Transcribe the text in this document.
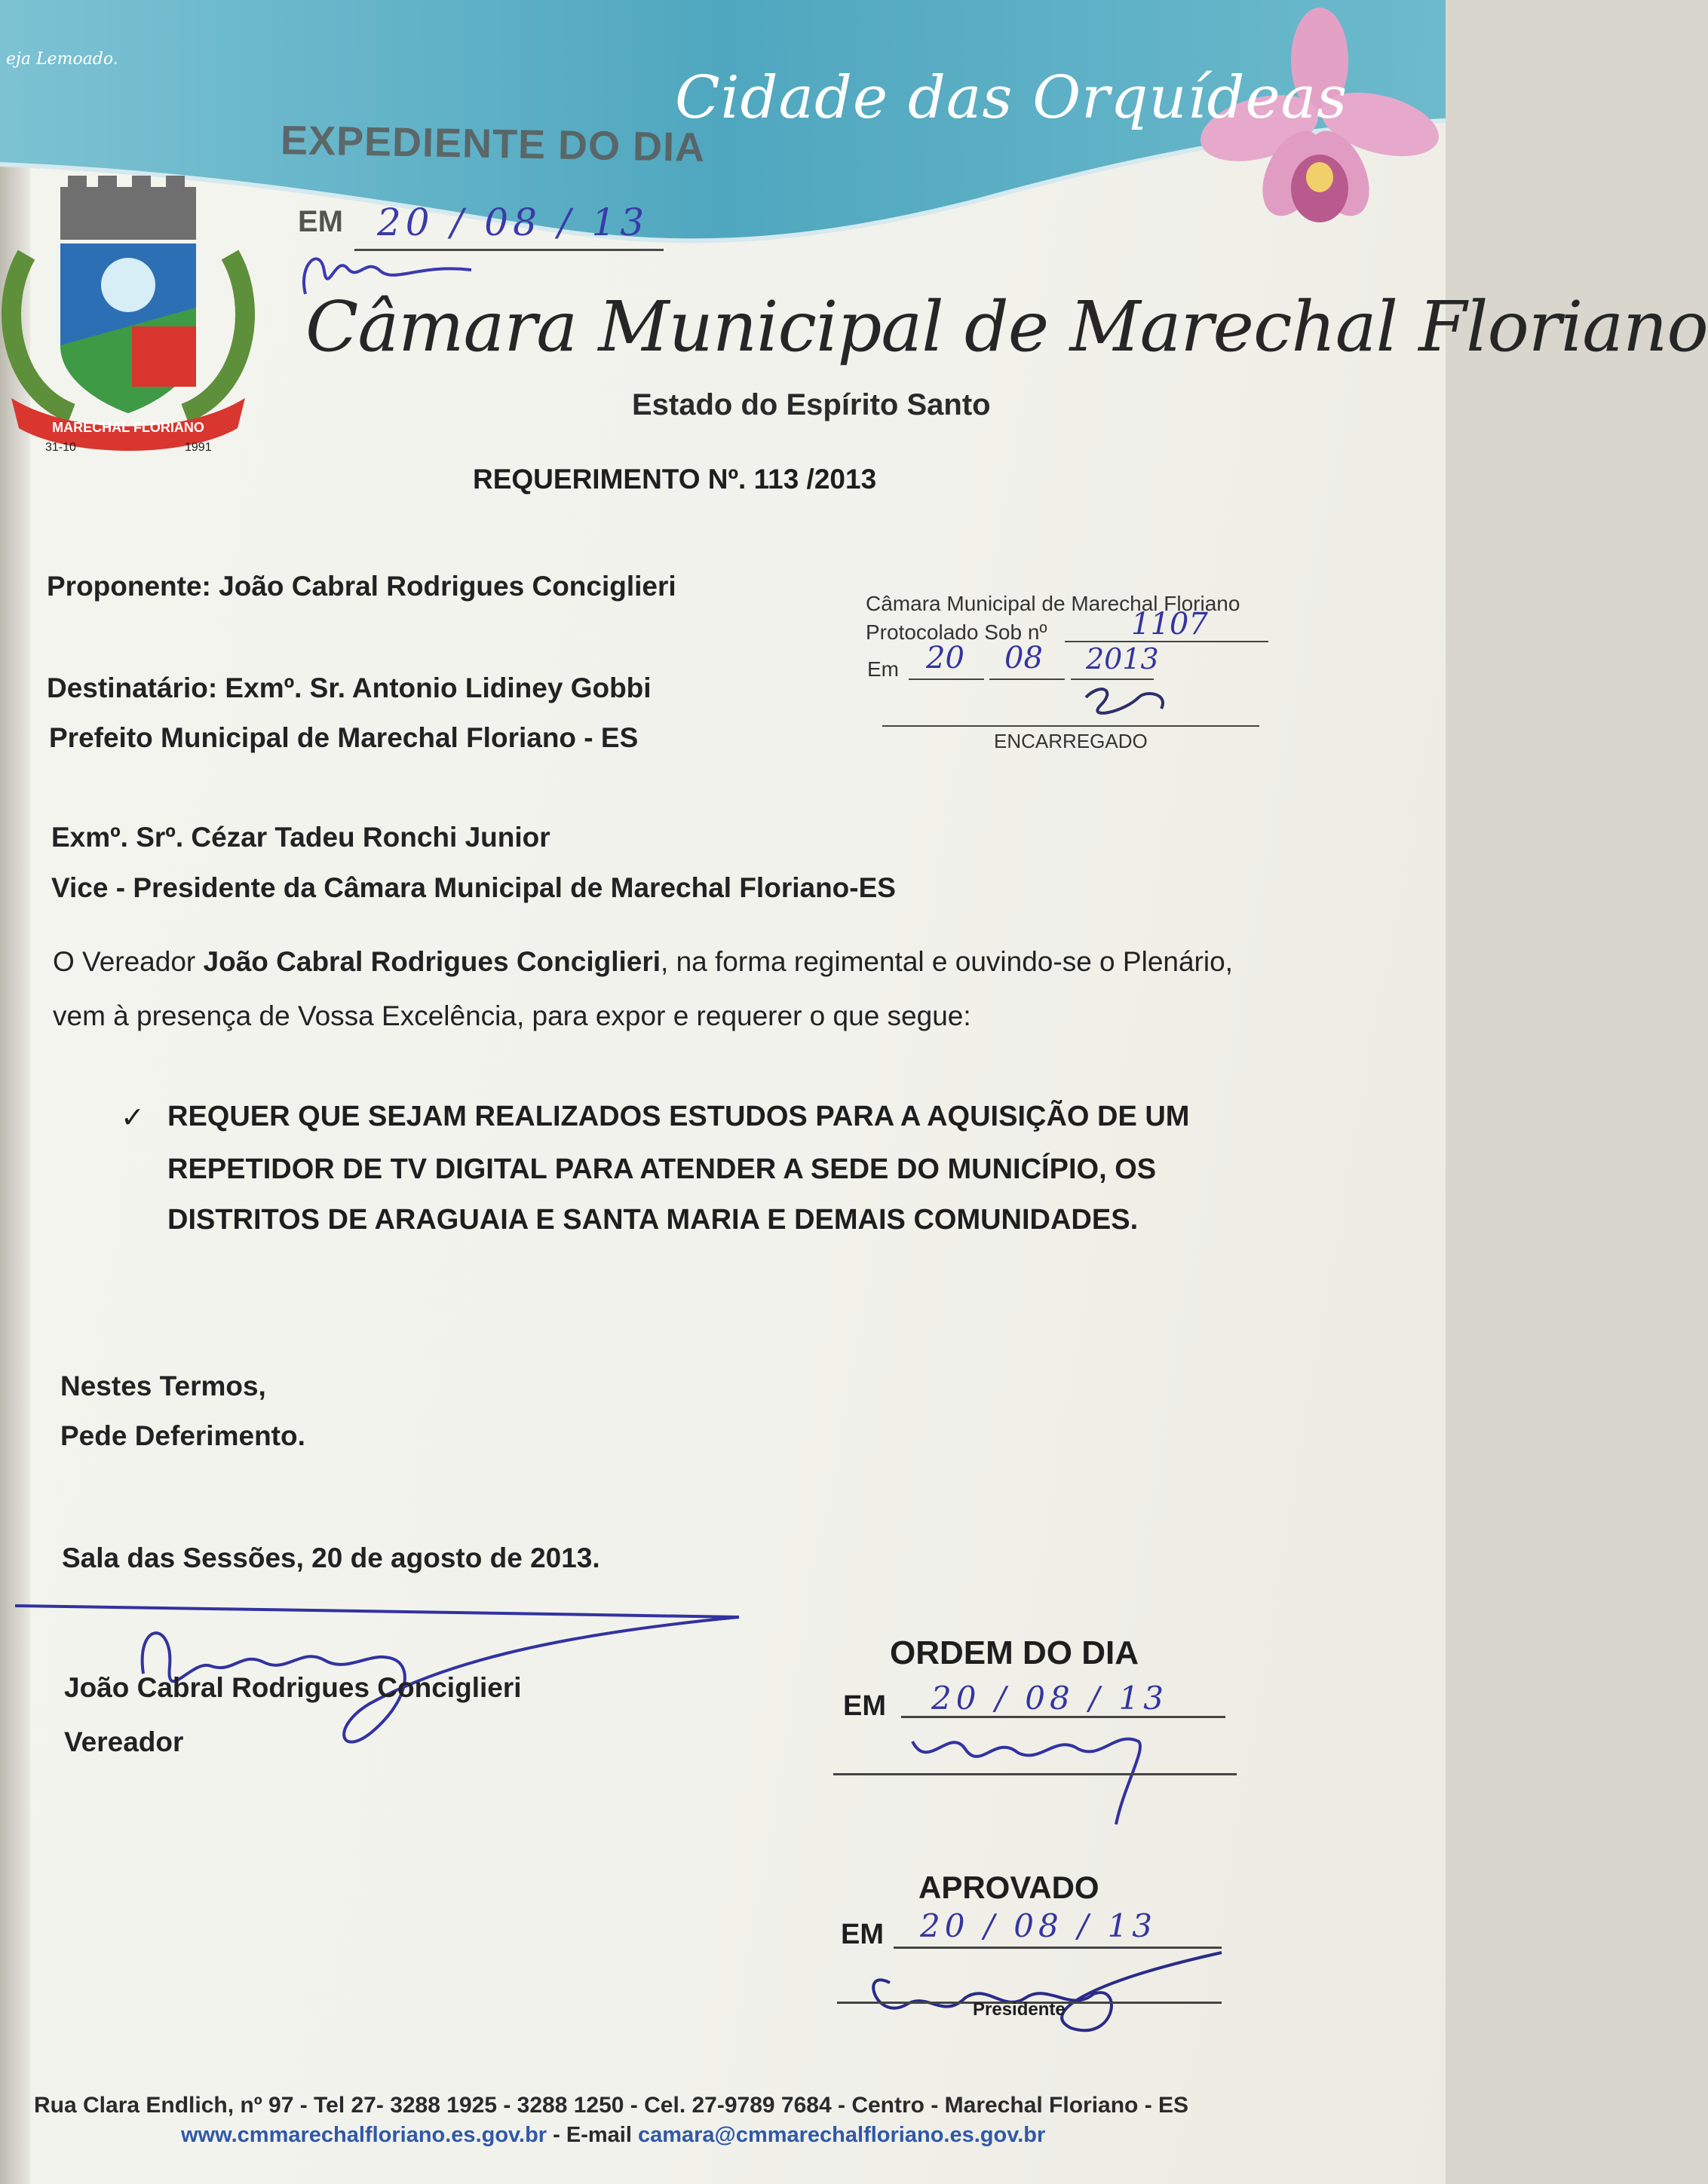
eja Lemoado.
Cidade das Orquídeas
EXPEDIENTE DO DIA
EM 20 / 08 / 13
MARECHAL FLORIANO
31-10	1991
Câmara Municipal de Marechal Floriano
Estado do Espírito Santo
REQUERIMENTO Nº. 113 /2013
Proponente: João Cabral Rodrigues Conciglieri
Destinatário: Exmº. Sr. Antonio Lidiney Gobbi
Prefeito Municipal de Marechal Floriano - ES
Câmara Municipal de Marechal Floriano
Protocolado Sob nº	1107
Em 20 08 2013
ENCARREGADO
Exmº. Srº. Cézar Tadeu Ronchi Junior
Vice - Presidente da Câmara Municipal de Marechal Floriano-ES
O Vereador João Cabral Rodrigues Conciglieri, na forma regimental e ouvindo-se o Plenário,
vem à presença de Vossa Excelência, para expor e requerer o que segue:
✓ REQUER QUE SEJAM REALIZADOS ESTUDOS PARA A AQUISIÇÃO DE UM
REPETIDOR DE TV DIGITAL PARA ATENDER A SEDE DO MUNICÍPIO, OS
DISTRITOS DE ARAGUAIA E SANTA MARIA E DEMAIS COMUNIDADES.
Nestes Termos,
Pede Deferimento.
Sala das Sessões, 20 de agosto de 2013.
João Cabral Rodrigues Conciglieri
Vereador
ORDEM DO DIA
EM 20 / 08 / 13
APROVADO
EM 20 / 08 / 13
Presidente
Rua Clara Endlich, nº 97 - Tel 27- 3288 1925 - 3288 1250 - Cel. 27-9789 7684 - Centro - Marechal Floriano - ES
www.cmmarechalfloriano.es.gov.br - E-mail camara@cmmarechalfloriano.es.gov.br
